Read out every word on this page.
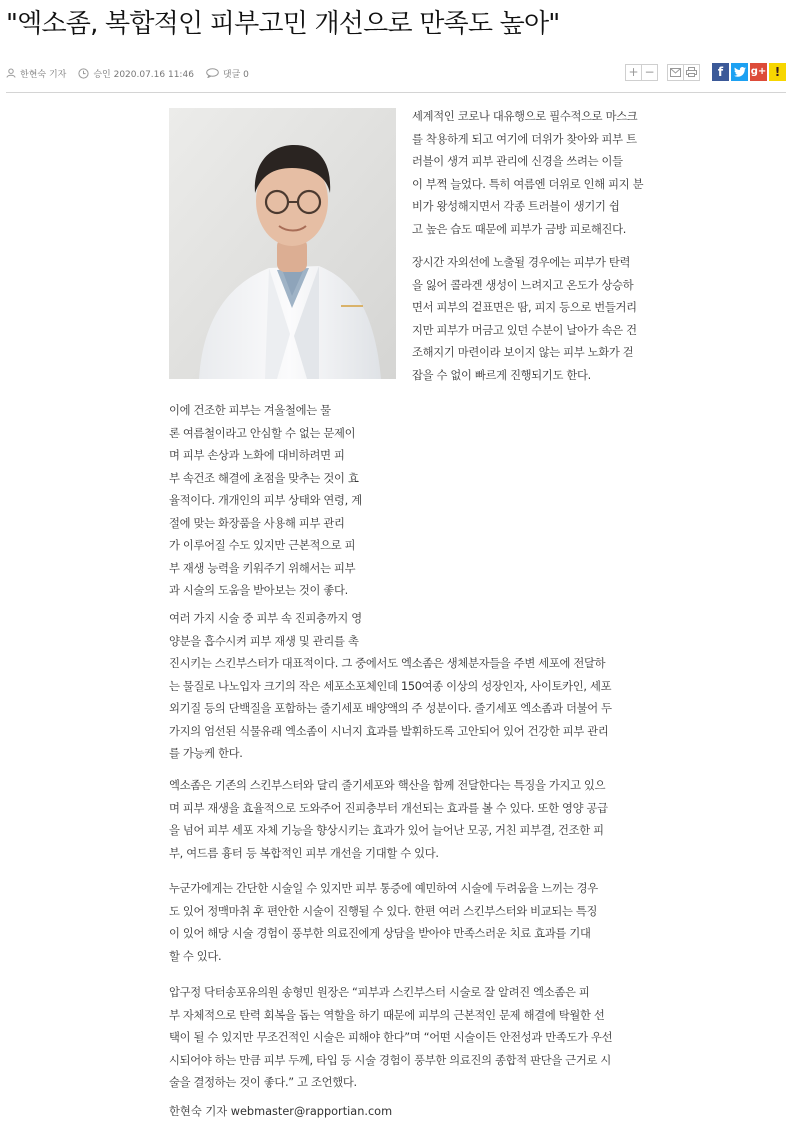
"엑소좀, 복합적인 피부고민 개선으로 만족도 높아"
한현숙 기자	승인 2020.07.16 11:46	댓글 0	+ −	f	g+ !
세계적인 코로나 대유행으로 필수적으로 마스크
를 착용하게 되고 여기에 더위가 찾아와 피부 트
러블이 생겨 피부 관리에 신경을 쓰려는 이들
이 부쩍 늘었다. 특히 여름엔 더위로 인해 피지 분
비가 왕성해지면서 각종 트러블이 생기기 쉽
고 높은 습도 때문에 피부가 금방 피로해진다.
장시간 자외선에 노출될 경우에는 피부가 탄력
을 잃어 콜라겐 생성이 느려지고 온도가 상승하
면서 피부의 겉표면은 땀, 피지 등으로 번들거리
지만 피부가 머금고 있던 수분이 날아가 속은 건
조해지기 마련이라 보이지 않는 피부 노화가 걷
잡을 수 없이 빠르게 진행되기도 한다.
이에 건조한 피부는 겨울철에는 물
론 여름철이라고 안심할 수 없는 문제이
며 피부 손상과 노화에 대비하려면 피
부 속건조 해결에 초점을 맞추는 것이 효
율적이다. 개개인의 피부 상태와 연령, 계
절에 맞는 화장품을 사용해 피부 관리
가 이루어질 수도 있지만 근본적으로 피
부 재생 능력을 키워주기 위해서는 피부
과 시술의 도움을 받아보는 것이 좋다.
여러 가지 시술 중 피부 속 진피층까지 영
양분을 흡수시켜 피부 재생 및 관리를 촉
진시키는 스킨부스터가 대표적이다. 그 중에서도 엑소좀은 생체분자들을 주변 세포에 전달하
는 물질로 나노입자 크기의 작은 세포소포체인데 150여종 이상의 성장인자, 사이토카인, 세포
외기질 등의 단백질을 포함하는 줄기세포 배양액의 주 성분이다. 줄기세포 엑소좀과 더불어 두
가지의 엄선된 식물유래 엑소좀이 시너지 효과를 발휘하도록 고안되어 있어 건강한 피부 관리
를 가능케 한다.
엑소좀은 기존의 스킨부스터와 달리 줄기세포와 핵산을 함께 전달한다는 특징을 가지고 있으
며 피부 재생을 효율적으로 도와주어 진피층부터 개선되는 효과를 볼 수 있다. 또한 영양 공급
을 넘어 피부 세포 자체 기능을 향상시키는 효과가 있어 늘어난 모공, 거친 피부결, 건조한 피
부, 여드름 흉터 등 복합적인 피부 개선을 기대할 수 있다.
누군가에게는 간단한 시술일 수 있지만 피부 통증에 예민하여 시술에 두려움을 느끼는 경우
도 있어 정맥마취 후 편안한 시술이 진행될 수 있다. 한편 여러 스킨부스터와 비교되는 특징
이 있어 해당 시술 경험이 풍부한 의료진에게 상담을 받아야 만족스러운 치료 효과를 기대
할 수 있다.
압구정 닥터송포유의원 송형민 원장은 “피부과 스킨부스터 시술로 잘 알려진 엑소좀은 피
부 자체적으로 탄력 회복을 돕는 역할을 하기 때문에 피부의 근본적인 문제 해결에 탁월한 선
택이 될 수 있지만 무조건적인 시술은 피해야 한다”며 “어떤 시술이든 안전성과 만족도가 우선
시되어야 하는 만큼 피부 두께, 타입 등 시술 경험이 풍부한 의료진의 종합적 판단을 근거로 시
술을 결정하는 것이 좋다.” 고 조언했다.
한현숙 기자 webmaster@rapportian.com
